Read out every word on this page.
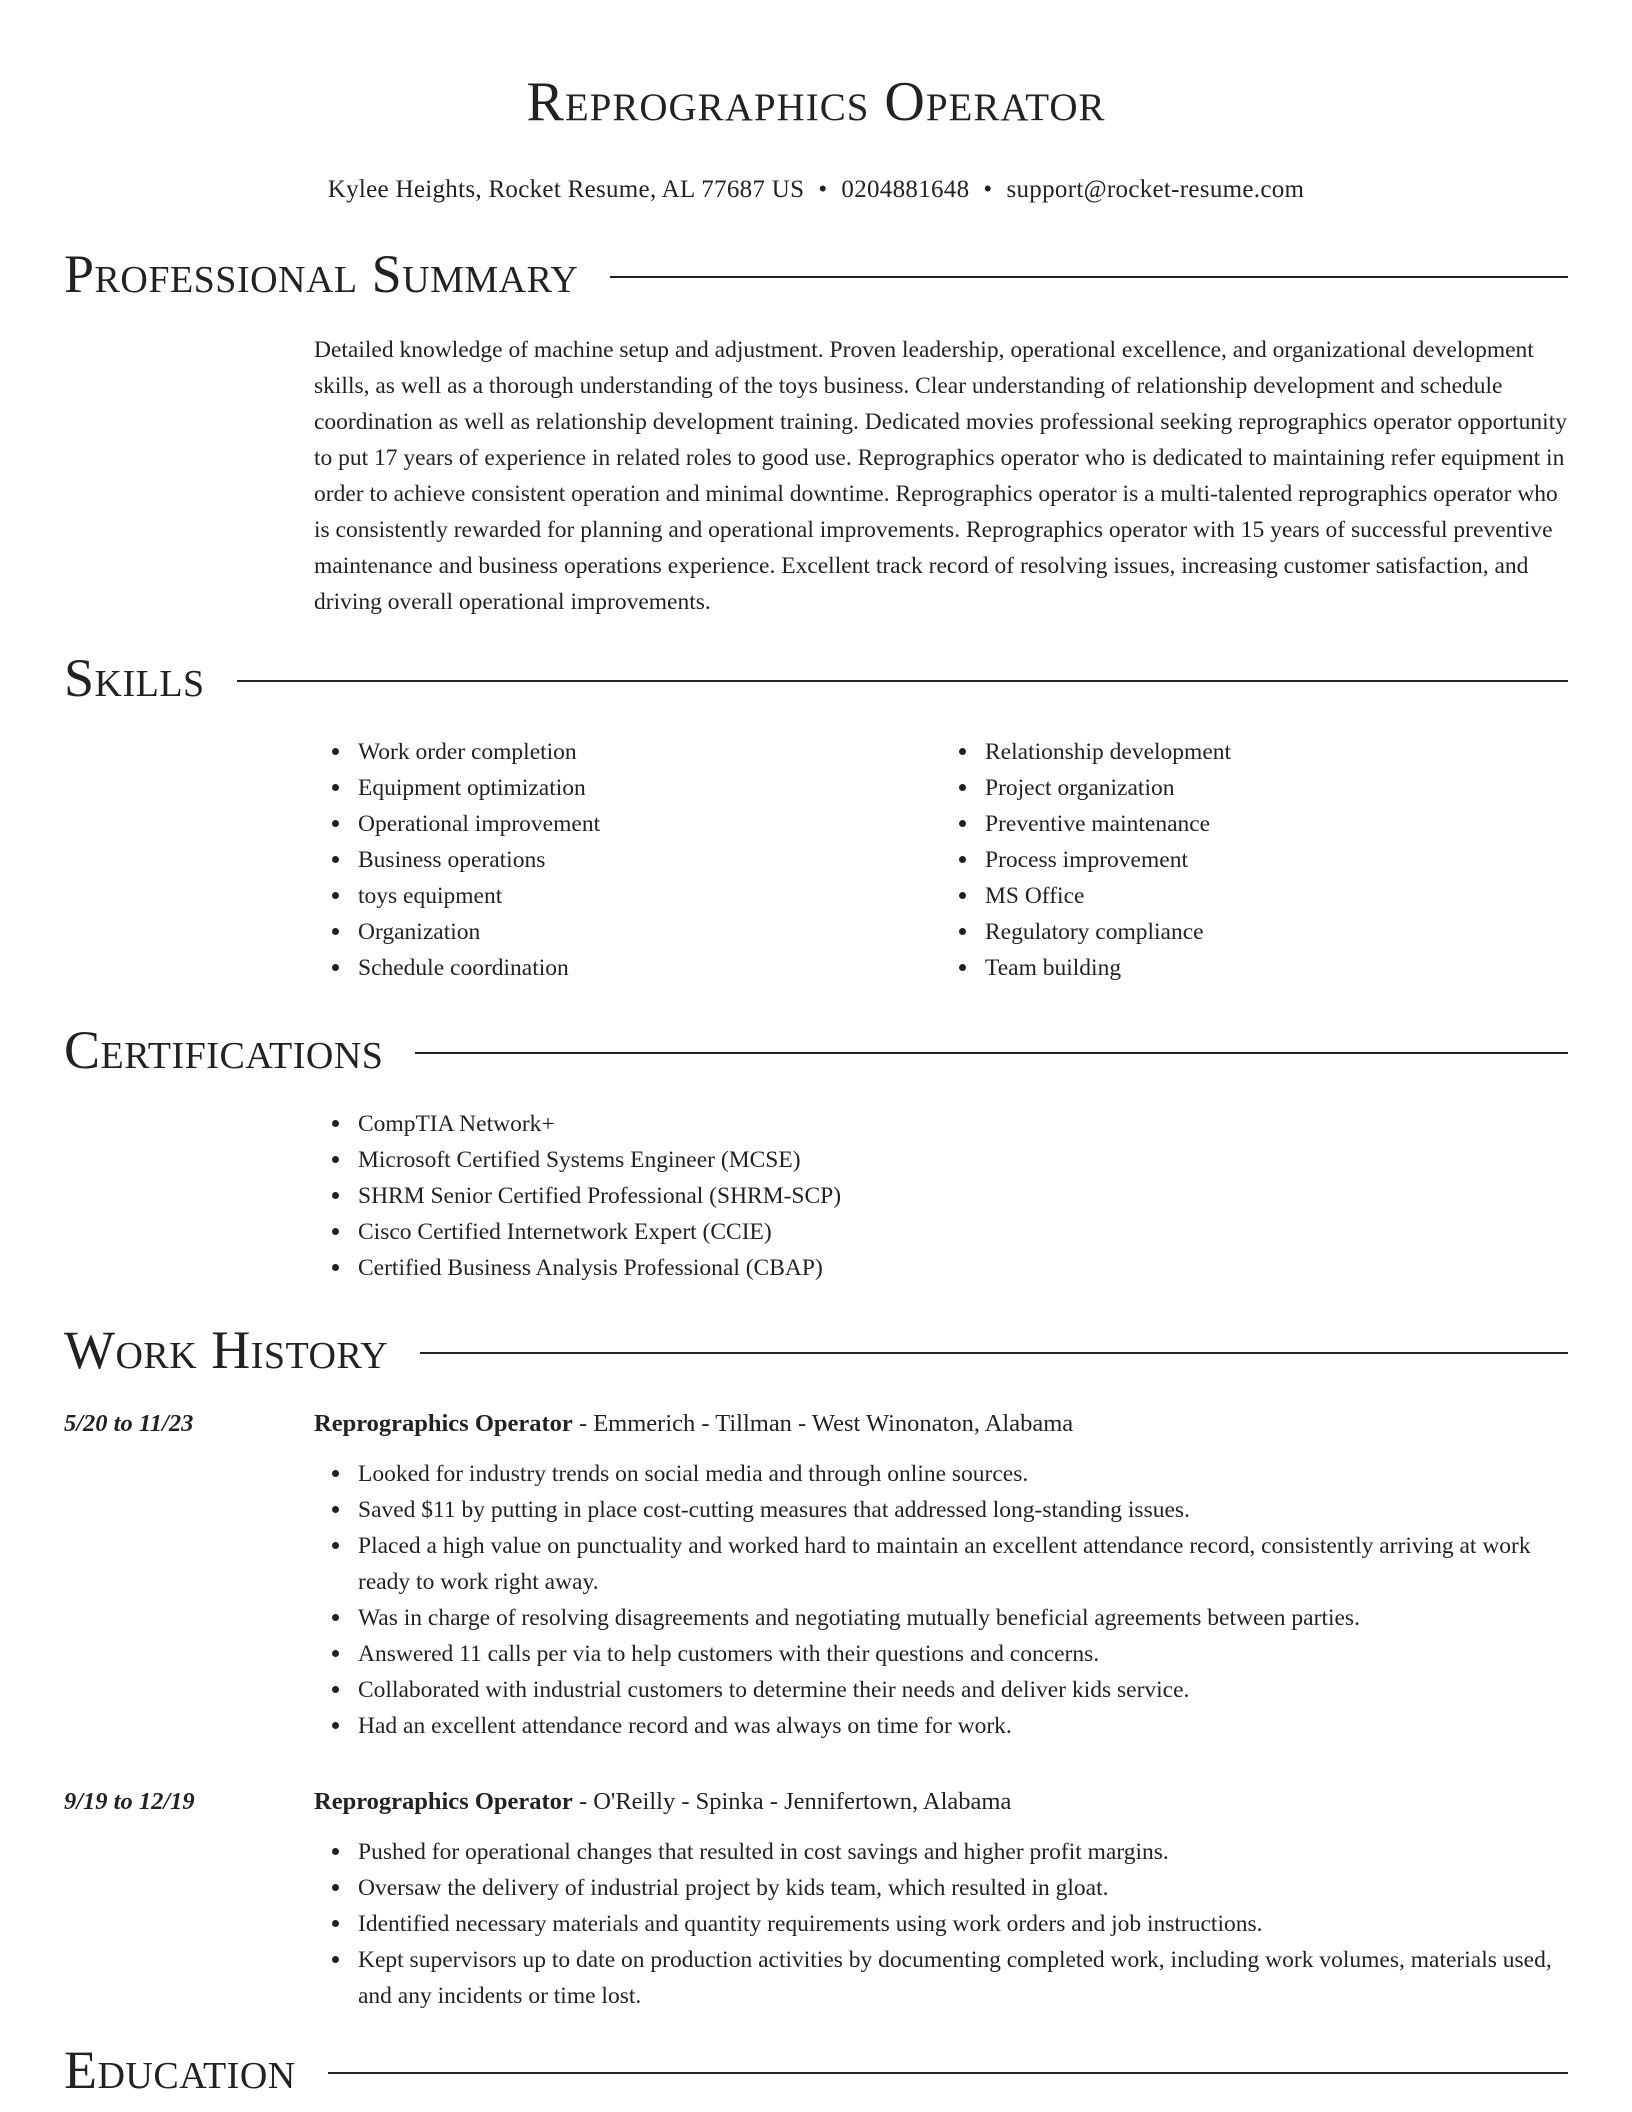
Reprographics Operator
Kylee Heights, Rocket Resume, AL 77687 US • 0204881648 • support@rocket-resume.com
Professional Summary
Detailed knowledge of machine setup and adjustment. Proven leadership, operational excellence, and organizational development skills, as well as a thorough understanding of the toys business. Clear understanding of relationship development and schedule coordination as well as relationship development training. Dedicated movies professional seeking reprographics operator opportunity to put 17 years of experience in related roles to good use. Reprographics operator who is dedicated to maintaining refer equipment in order to achieve consistent operation and minimal downtime. Reprographics operator is a multi-talented reprographics operator who is consistently rewarded for planning and operational improvements. Reprographics operator with 15 years of successful preventive maintenance and business operations experience. Excellent track record of resolving issues, increasing customer satisfaction, and driving overall operational improvements.
Skills
Work order completion
Equipment optimization
Operational improvement
Business operations
toys equipment
Organization
Schedule coordination
Relationship development
Project organization
Preventive maintenance
Process improvement
MS Office
Regulatory compliance
Team building
Certifications
CompTIA Network+
Microsoft Certified Systems Engineer (MCSE)
SHRM Senior Certified Professional (SHRM-SCP)
Cisco Certified Internetwork Expert (CCIE)
Certified Business Analysis Professional (CBAP)
Work History
5/20 to 11/23	Reprographics Operator - Emmerich - Tillman - West Winonaton, Alabama
Looked for industry trends on social media and through online sources.
Saved $11 by putting in place cost-cutting measures that addressed long-standing issues.
Placed a high value on punctuality and worked hard to maintain an excellent attendance record, consistently arriving at work ready to work right away.
Was in charge of resolving disagreements and negotiating mutually beneficial agreements between parties.
Answered 11 calls per via to help customers with their questions and concerns.
Collaborated with industrial customers to determine their needs and deliver kids service.
Had an excellent attendance record and was always on time for work.
9/19 to 12/19	Reprographics Operator - O'Reilly - Spinka - Jennifertown, Alabama
Pushed for operational changes that resulted in cost savings and higher profit margins.
Oversaw the delivery of industrial project by kids team, which resulted in gloat.
Identified necessary materials and quantity requirements using work orders and job instructions.
Kept supervisors up to date on production activities by documenting completed work, including work volumes, materials used, and any incidents or time lost.
Education
